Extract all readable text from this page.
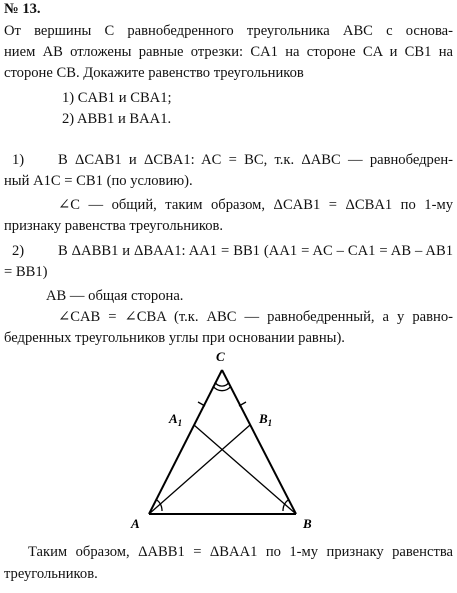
№ 13.
От вершины C равнобедренного треугольника ABC с основа-
нием AB отложены равные отрезки: CA1 на стороне CA и CB1 на
стороне CB. Докажите равенство треугольников
1) CAB1 и CBA1;
2) ABB1 и BAA1.
1) В ΔCAB1 и ΔCBA1: AC = BC, т.к. ΔABC — равнобедрен-
ный A1C = CB1 (по условию).
∠C — общий, таким образом, ΔCAB1 = ΔCBA1 по 1-му
признаку равенства треугольников.
2) В ΔABB1 и ΔBAA1: AA1 = BB1 (AA1 = AC – CA1 = AB – AB1
= BB1)
AB — общая сторона.
∠CAB = ∠CBA (т.к. ABC — равнобедренный, а у равно-
бедренных треугольников углы при основании равны).
C
$A_1$	$B_1$
A	B
Таким образом, ΔABB1 = ΔBAA1 по 1-му признаку равенства
треугольников.
